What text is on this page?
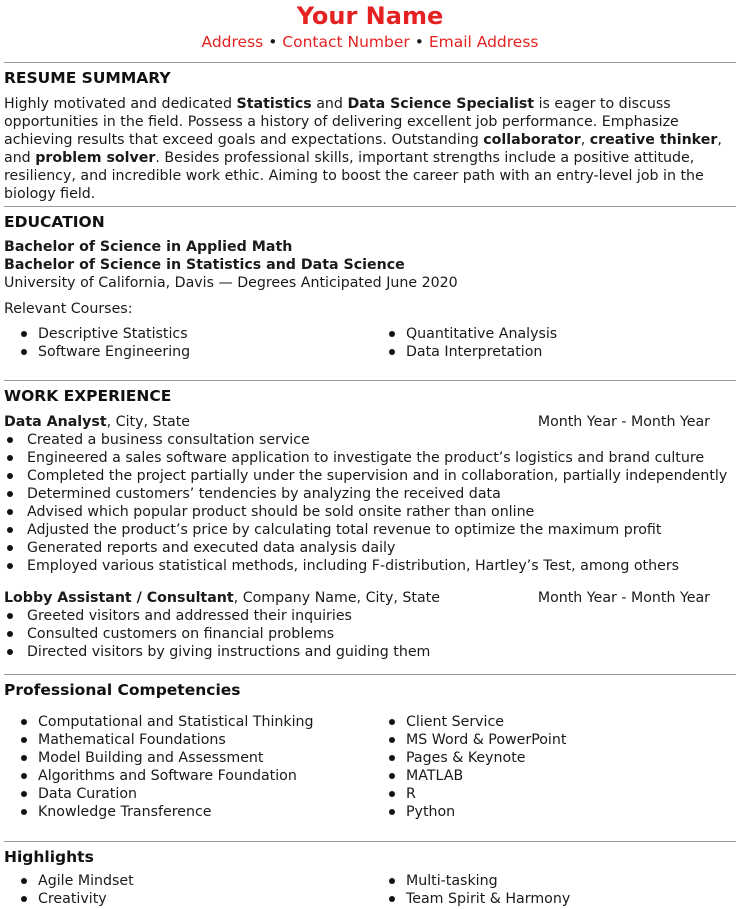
Your Name
Address • Contact Number • Email Address
RESUME SUMMARY
Highly motivated and dedicated Statistics and Data Science Specialist is eager to discuss opportunities in the field. Possess a history of delivering excellent job performance. Emphasize achieving results that exceed goals and expectations. Outstanding collaborator, creative thinker, and problem solver. Besides professional skills, important strengths include a positive attitude, resiliency, and incredible work ethic. Aiming to boost the career path with an entry-level job in the biology field.
EDUCATION
Bachelor of Science in Applied Math
Bachelor of Science in Statistics and Data Science
University of California, Davis — Degrees Anticipated June 2020
Relevant Courses:
Descriptive Statistics
Software Engineering
Quantitative Analysis
Data Interpretation
WORK EXPERIENCE
Data Analyst, City, State	Month Year - Month Year
Created a business consultation service
Engineered a sales software application to investigate the product’s logistics and brand culture
Completed the project partially under the supervision and in collaboration, partially independently
Determined customers’ tendencies by analyzing the received data
Advised which popular product should be sold onsite rather than online
Adjusted the product’s price by calculating total revenue to optimize the maximum profit
Generated reports and executed data analysis daily
Employed various statistical methods, including F-distribution, Hartley’s Test, among others
Lobby Assistant / Consultant, Company Name, City, State	Month Year - Month Year
Greeted visitors and addressed their inquiries
Consulted customers on financial problems
Directed visitors by giving instructions and guiding them
Professional Competencies
Computational and Statistical Thinking
Mathematical Foundations
Model Building and Assessment
Algorithms and Software Foundation
Data Curation
Knowledge Transference
Client Service
MS Word & PowerPoint
Pages & Keynote
MATLAB
R
Python
Highlights
Agile Mindset
Creativity
Multi-tasking
Team Spirit & Harmony
